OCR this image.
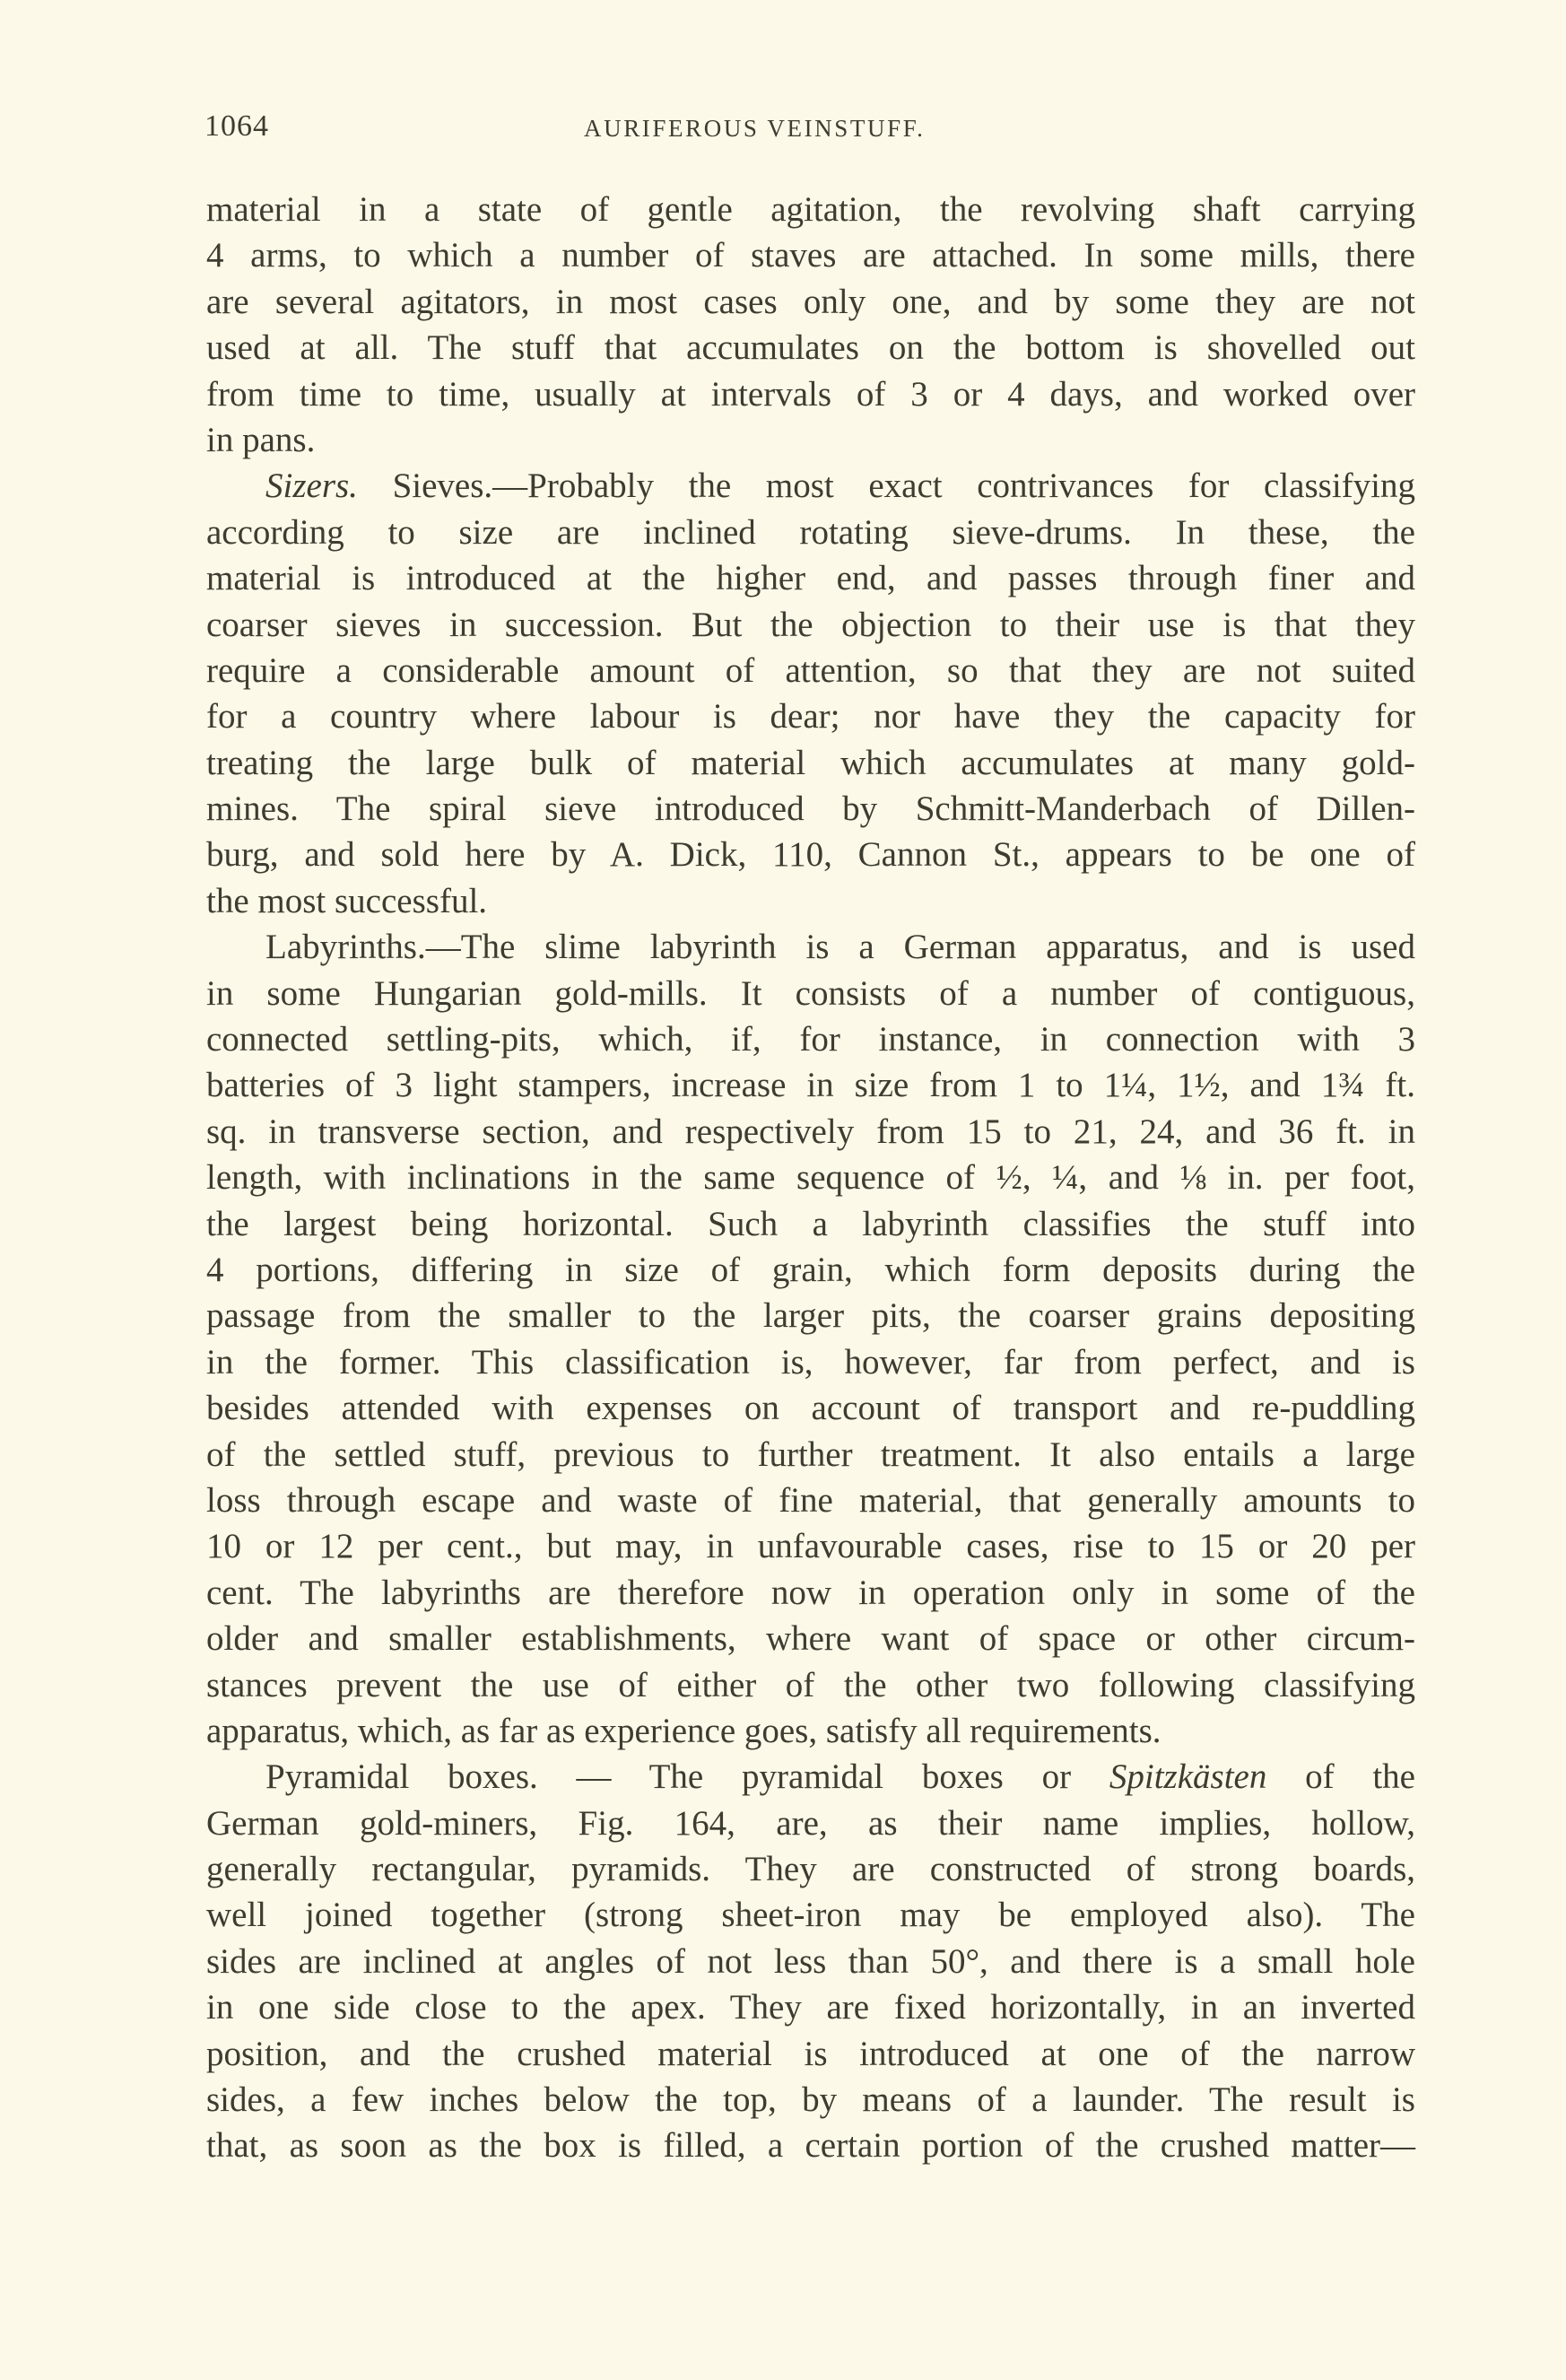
1064	AURIFEROUS VEINSTUFF.
material in a state of gentle agitation, the revolving shaft carrying
4 arms, to which a number of staves are attached. In some mills, there
are several agitators, in most cases only one, and by some they are not
used at all. The stuff that accumulates on the bottom is shovelled out
from time to time, usually at intervals of 3 or 4 days, and worked over
in pans.
Sizers. Sieves.—Probably the most exact contrivances for classifying
according to size are inclined rotating sieve-drums. In these, the
material is introduced at the higher end, and passes through finer and
coarser sieves in succession. But the objection to their use is that they
require a considerable amount of attention, so that they are not suited
for a country where labour is dear; nor have they the capacity for
treating the large bulk of material which accumulates at many gold-
mines. The spiral sieve introduced by Schmitt-Manderbach of Dillen-
burg, and sold here by A. Dick, 110, Cannon St., appears to be one of
the most successful.
Labyrinths.—The slime labyrinth is a German apparatus, and is used
in some Hungarian gold-mills. It consists of a number of contiguous,
connected settling-pits, which, if, for instance, in connection with 3
batteries of 3 light stampers, increase in size from 1 to 1¼, 1½, and 1¾ ft.
sq. in transverse section, and respectively from 15 to 21, 24, and 36 ft. in
length, with inclinations in the same sequence of ½, ¼, and ⅛ in. per foot,
the largest being horizontal. Such a labyrinth classifies the stuff into
4 portions, differing in size of grain, which form deposits during the
passage from the smaller to the larger pits, the coarser grains depositing
in the former. This classification is, however, far from perfect, and is
besides attended with expenses on account of transport and re-puddling
of the settled stuff, previous to further treatment. It also entails a large
loss through escape and waste of fine material, that generally amounts to
10 or 12 per cent., but may, in unfavourable cases, rise to 15 or 20 per
cent. The labyrinths are therefore now in operation only in some of the
older and smaller establishments, where want of space or other circum-
stances prevent the use of either of the other two following classifying
apparatus, which, as far as experience goes, satisfy all requirements.
Pyramidal boxes. — The pyramidal boxes or Spitzkästen of the
German gold-miners, Fig. 164, are, as their name implies, hollow,
generally rectangular, pyramids. They are constructed of strong boards,
well joined together (strong sheet-iron may be employed also). The
sides are inclined at angles of not less than 50°, and there is a small hole
in one side close to the apex. They are fixed horizontally, in an inverted
position, and the crushed material is introduced at one of the narrow
sides, a few inches below the top, by means of a launder. The result is
that, as soon as the box is filled, a certain portion of the crushed matter—
